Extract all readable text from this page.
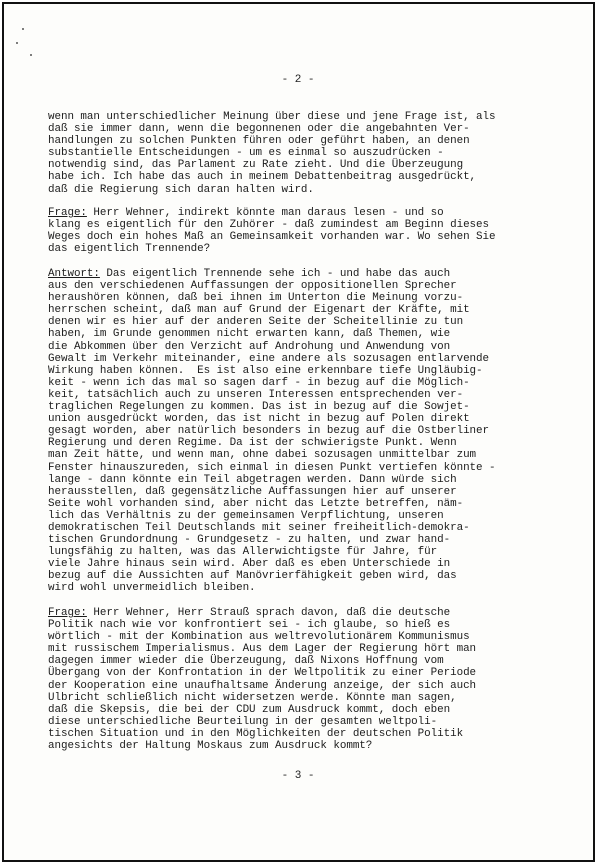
- 2 -
wenn man unterschiedlicher Meinung über diese und jene Frage ist, als
daß sie immer dann, wenn die begonnenen oder die angebahnten Ver-
handlungen zu solchen Punkten führen oder geführt haben, an denen
substantielle Entscheidungen - um es einmal so auszudrücken -
notwendig sind, das Parlament zu Rate zieht. Und die Überzeugung
habe ich. Ich habe das auch in meinem Debattenbeitrag ausgedrückt,
daß die Regierung sich daran halten wird.
Frage: Herr Wehner, indirekt könnte man daraus lesen - und so
klang es eigentlich für den Zuhörer - daß zumindest am Beginn dieses
Weges doch ein hohes Maß an Gemeinsamkeit vorhanden war. Wo sehen Sie
das eigentlich Trennende?
Antwort: Das eigentlich Trennende sehe ich - und habe das auch
aus den verschiedenen Auffassungen der oppositionellen Sprecher
heraushören können, daß bei ihnen im Unterton die Meinung vorzu-
herrschen scheint, daß man auf Grund der Eigenart der Kräfte, mit
denen wir es hier auf der anderen Seite der Scheitellinie zu tun
haben, im Grunde genommen nicht erwarten kann, daß Themen, wie
die Abkommen über den Verzicht auf Androhung und Anwendung von
Gewalt im Verkehr miteinander, eine andere als sozusagen entlarvende
Wirkung haben können.  Es ist also eine erkennbare tiefe Ungläubig-
keit - wenn ich das mal so sagen darf - in bezug auf die Möglich-
keit, tatsächlich auch zu unseren Interessen entsprechenden ver-
traglichen Regelungen zu kommen. Das ist in bezug auf die Sowjet-
union ausgedrückt worden, das ist nicht in bezug auf Polen direkt
gesagt worden, aber natürlich besonders in bezug auf die Ostberliner
Regierung und deren Regime. Da ist der schwierigste Punkt. Wenn
man Zeit hätte, und wenn man, ohne dabei sozusagen unmittelbar zum
Fenster hinauszureden, sich einmal in diesen Punkt vertiefen könnte -
lange - dann könnte ein Teil abgetragen werden. Dann würde sich
herausstellen, daß gegensätzliche Auffassungen hier auf unserer
Seite wohl vorhanden sind, aber nicht das Letzte betreffen, näm-
lich das Verhältnis zu der gemeinsamen Verpflichtung, unseren
demokratischen Teil Deutschlands mit seiner freiheitlich-demokra-
tischen Grundordnung - Grundgesetz - zu halten, und zwar hand-
lungsfähig zu halten, was das Allerwichtigste für Jahre, für
viele Jahre hinaus sein wird. Aber daß es eben Unterschiede in
bezug auf die Aussichten auf Manövrierfähigkeit geben wird, das
wird wohl unvermeidlich bleiben.
Frage: Herr Wehner, Herr Strauß sprach davon, daß die deutsche
Politik nach wie vor konfrontiert sei - ich glaube, so hieß es
wörtlich - mit der Kombination aus weltrevolutionärem Kommunismus
mit russischem Imperialismus. Aus dem Lager der Regierung hört man
dagegen immer wieder die Überzeugung, daß Nixons Hoffnung vom
Übergang von der Konfrontation in der Weltpolitik zu einer Periode
der Kooperation eine unaufhaltsame Änderung anzeige, der sich auch
Ulbricht schließlich nicht widersetzen werde. Könnte man sagen,
daß die Skepsis, die bei der CDU zum Ausdruck kommt, doch eben
diese unterschiedliche Beurteilung in der gesamten weltpoli-
tischen Situation und in den Möglichkeiten der deutschen Politik
angesichts der Haltung Moskaus zum Ausdruck kommt?
- 3 -
